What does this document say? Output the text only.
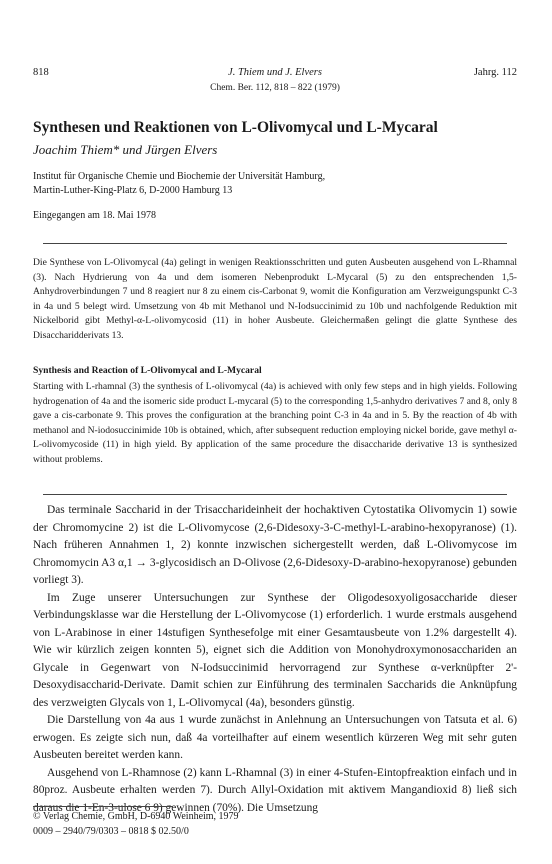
818	J. Thiem und J. Elvers	Jahrg. 112
Chem. Ber. 112, 818 – 822 (1979)
Synthesen und Reaktionen von L-Olivomycal und L-Mycaral
Joachim Thiem* und Jürgen Elvers
Institut für Organische Chemie und Biochemie der Universität Hamburg,
Martin-Luther-King-Platz 6, D-2000 Hamburg 13
Eingegangen am 18. Mai 1978
Die Synthese von L-Olivomycal (4a) gelingt in wenigen Reaktionsschritten und guten Ausbeuten ausgehend von L-Rhamnal (3). Nach Hydrierung von 4a und dem isomeren Nebenprodukt L-Mycaral (5) zu den entsprechenden 1,5-Anhydroverbindungen 7 und 8 reagiert nur 8 zu einem cis-Carbonat 9, womit die Konfiguration am Verzweigungspunkt C-3 in 4a und 5 belegt wird. Umsetzung von 4b mit Methanol und N-Iodsuccinimid zu 10b und nachfolgende Reduktion mit Nickelborid gibt Methyl-α-L-olivomycosid (11) in hoher Ausbeute. Gleichermaßen gelingt die glatte Synthese des Disaccharidderivats 13.
Synthesis and Reaction of L-Olivomycal and L-Mycaral
Starting with L-rhamnal (3) the synthesis of L-olivomycal (4a) is achieved with only few steps and in high yields. Following hydrogenation of 4a and the isomeric side product L-mycaral (5) to the corresponding 1,5-anhydro derivatives 7 and 8, only 8 gave a cis-carbonate 9. This proves the configuration at the branching point C-3 in 4a and in 5. By the reaction of 4b with methanol and N-iodosuccinimide 10b is obtained, which, after subsequent reduction employing nickel boride, gave methyl α-L-olivomycoside (11) in high yield. By application of the same procedure the disaccharide derivative 13 is synthesized without problems.

Das terminale Saccharid in der Trisaccharideinheit der hochaktiven Cytostatika Olivomycin 1) sowie der Chromomycine 2) ist die L-Olivomycose (2,6-Didesoxy-3-C-methyl-L-arabino-hexopyranose) (1). Nach früheren Annahmen 1, 2) konnte inzwischen sichergestellt werden, daß L-Olivomycose im Chromomycin A3 α,1 → 3-glycosidisch an D-Olivose (2,6-Didesoxy-D-arabino-hexopyranose) gebunden vorliegt 3).

Im Zuge unserer Untersuchungen zur Synthese der Oligodesoxyoligosaccharide dieser Verbindungsklasse war die Herstellung der L-Olivomycose (1) erforderlich. 1 wurde erstmals ausgehend von L-Arabinose in einer 14stufigen Synthesefolge mit einer Gesamtausbeute von 1.2% dargestellt 4). Wie wir kürzlich zeigen konnten 5), eignet sich die Addition von Monohydroxymonosacchariden an Glycale in Gegenwart von N-Iodsuccinimid hervorragend zur Synthese α-verknüpfter 2'-Desoxydisaccharid-Derivate. Damit schien zur Einführung des terminalen Saccharids die Anknüpfung des verzweigten Glycals von 1, L-Olivomycal (4a), besonders günstig.

Die Darstellung von 4a aus 1 wurde zunächst in Anlehnung an Untersuchungen von Tatsuta et al. 6) erwogen. Es zeigte sich nun, daß 4a vorteilhafter auf einem wesentlich kürzeren Weg mit sehr guten Ausbeuten bereitet werden kann.

Ausgehend von L-Rhamnose (2) kann L-Rhamnal (3) in einer 4-Stufen-Eintopfreaktion einfach und in 80proz. Ausbeute erhalten werden 7). Durch Allyl-Oxidation mit aktivem Mangandioxid 8) ließ sich daraus die 1-En-3-ulose 6 9) gewinnen (70%). Die Umsetzung

© Verlag Chemie, GmbH, D-6940 Weinheim, 1979
0009 – 2940/79/0303 – 0818 $ 02.50/0
